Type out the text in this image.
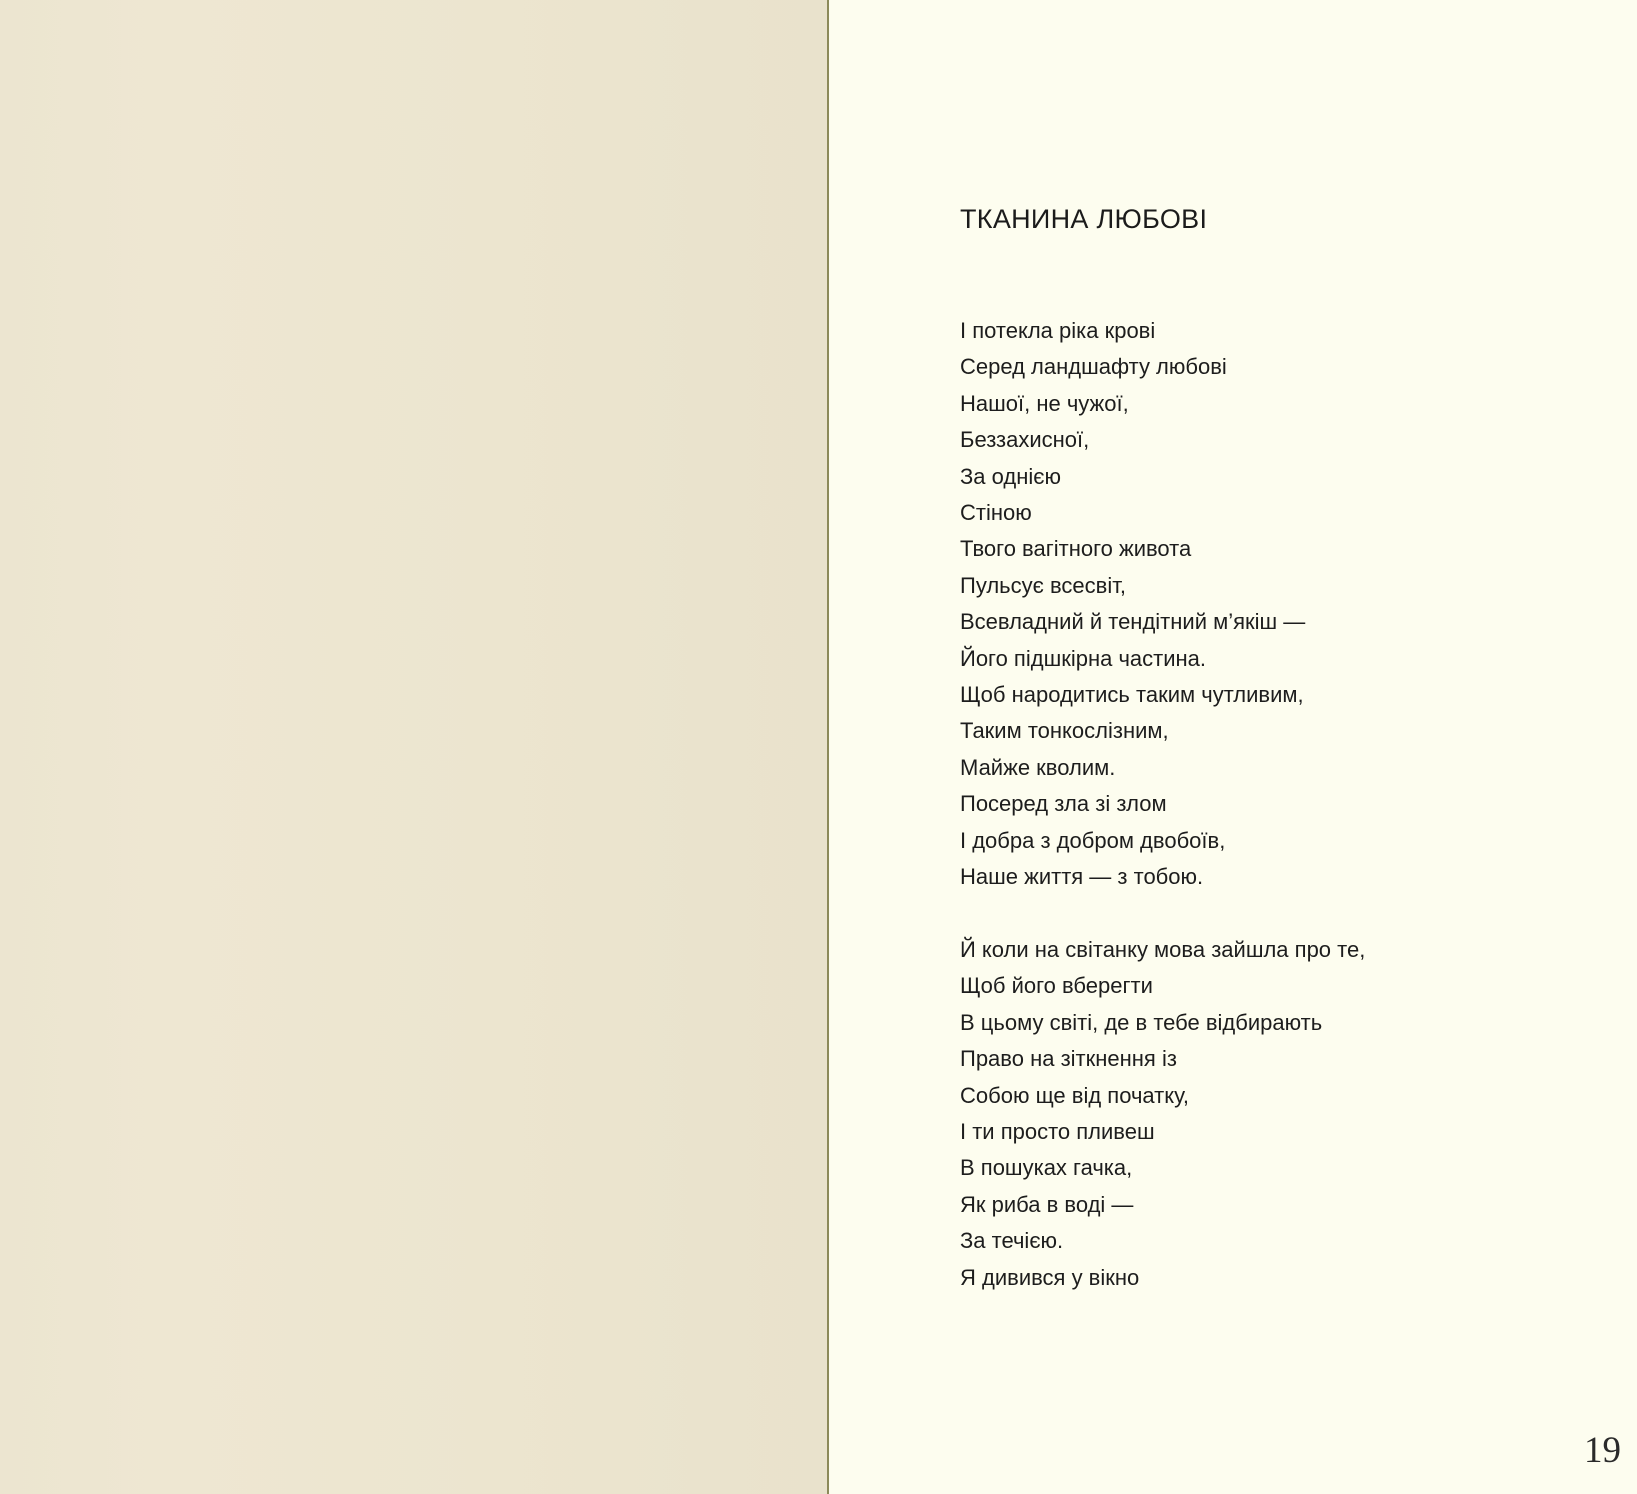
ТКАНИНА ЛЮБОВІ
І потекла ріка крові
Серед ландшафту любові
Нашої, не чужої,
Беззахисної,
За однією
Стіною
Твого вагітного живота
Пульсує всесвіт,
Всевладний й тендітний м’якіш —
Його підшкірна частина.
Щоб народитись таким чутливим,
Таким тонкослізним,
Майже кволим.
Посеред зла зі злом
І добра з добром двобоїв,
Наше життя — з тобою.
Й коли на світанку мова зайшла про те,
Щоб його вберегти
В цьому світі, де в тебе відбирають
Право на зіткнення із
Собою ще від початку,
І ти просто пливеш
В пошуках гачка,
Як риба в воді —
За течією.
Я дивився у вікно
19
